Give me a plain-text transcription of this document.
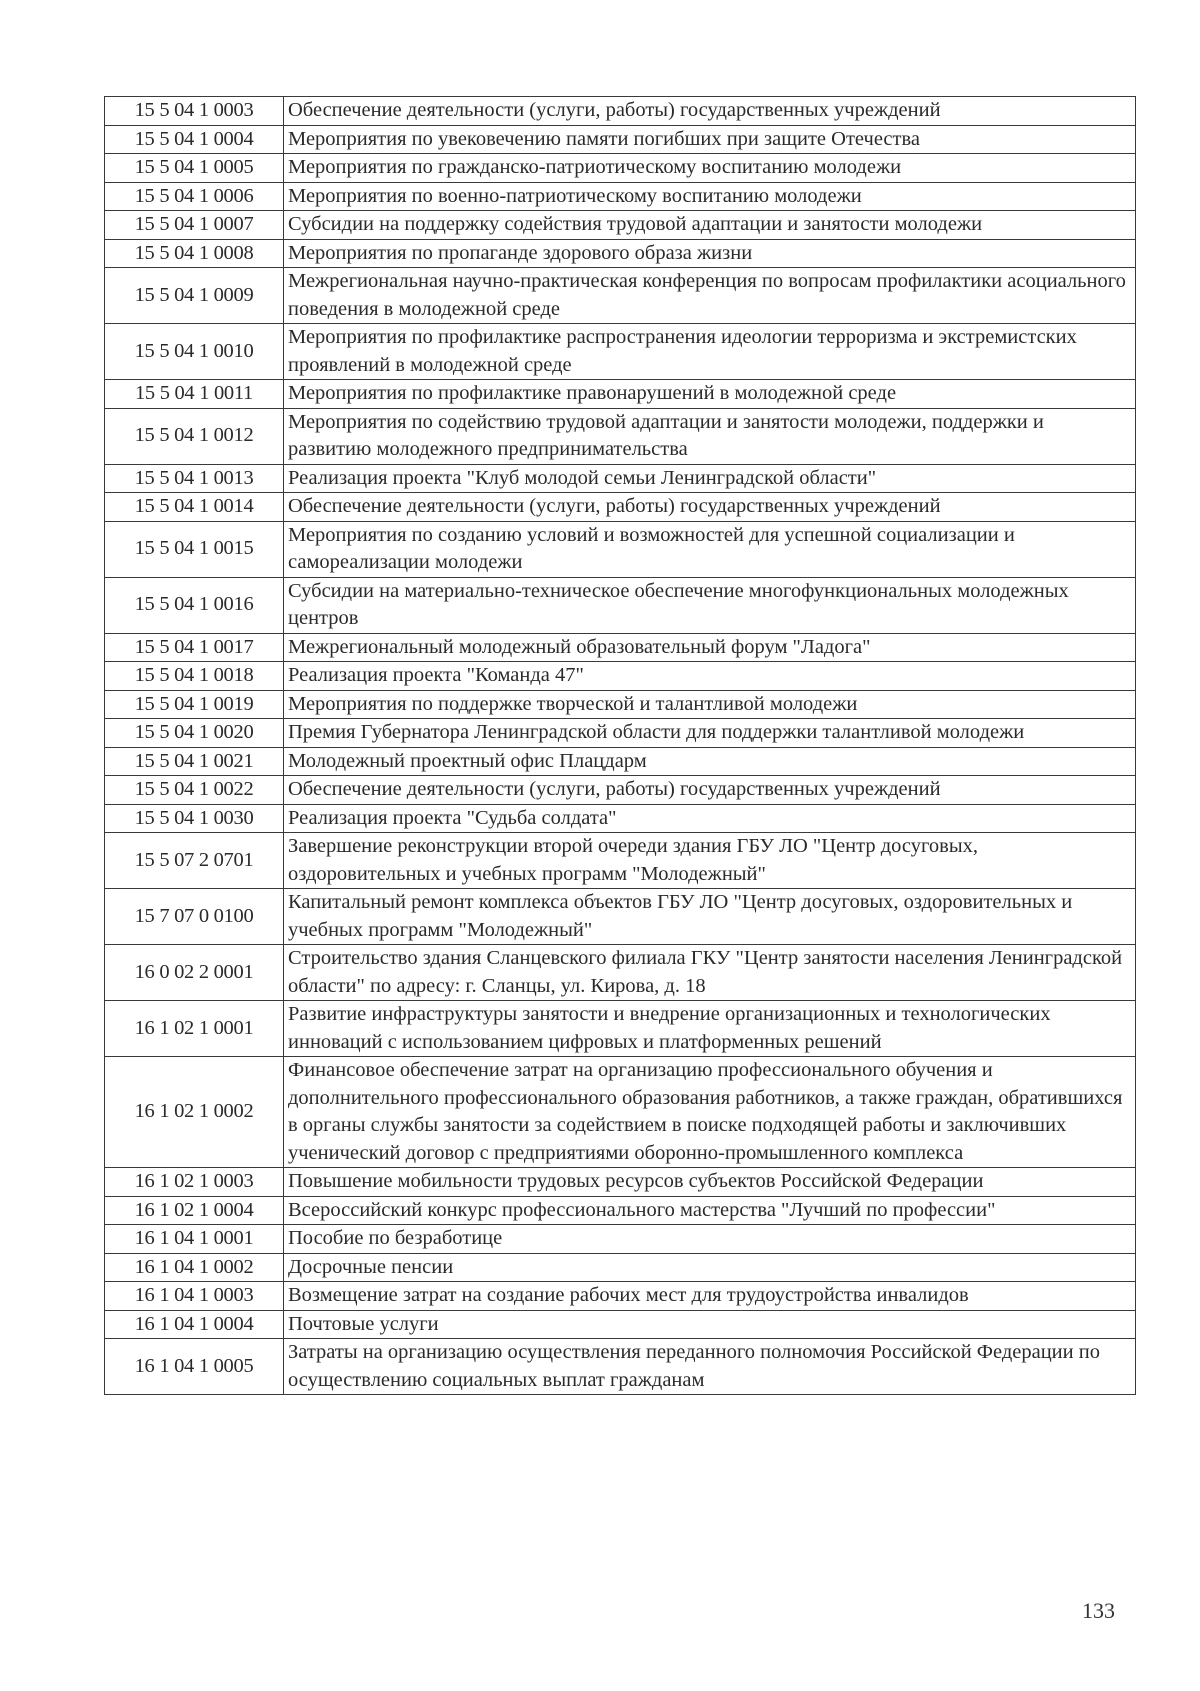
15 5 04 1 0003	Обеспечение деятельности (услуги, работы) государственных учреждений
15 5 04 1 0004	Мероприятия по увековечению памяти погибших при защите Отечества
15 5 04 1 0005	Мероприятия по гражданско-патриотическому воспитанию молодежи
15 5 04 1 0006	Мероприятия по военно-патриотическому воспитанию молодежи
15 5 04 1 0007	Субсидии на поддержку содействия трудовой адаптации и занятости молодежи
15 5 04 1 0008	Мероприятия по пропаганде здорового образа жизни
15 5 04 1 0009	Межрегиональная научно-практическая конференция по вопросам профилактики асоциального поведения в молодежной среде
15 5 04 1 0010	Мероприятия по профилактике распространения идеологии терроризма и экстремистских проявлений в молодежной среде
15 5 04 1 0011	Мероприятия по профилактике правонарушений в молодежной среде
15 5 04 1 0012	Мероприятия по содействию трудовой адаптации и занятости молодежи, поддержки и развитию молодежного предпринимательства
15 5 04 1 0013	Реализация проекта "Клуб молодой семьи Ленинградской области"
15 5 04 1 0014	Обеспечение деятельности (услуги, работы) государственных учреждений
15 5 04 1 0015	Мероприятия по созданию условий и возможностей для успешной социализации и самореализации молодежи
15 5 04 1 0016	Субсидии на материально-техническое обеспечение многофункциональных молодежных центров
15 5 04 1 0017	Межрегиональный молодежный образовательный форум "Ладога"
15 5 04 1 0018	Реализация проекта "Команда 47"
15 5 04 1 0019	Мероприятия по поддержке творческой и талантливой молодежи
15 5 04 1 0020	Премия Губернатора Ленинградской области для поддержки талантливой молодежи
15 5 04 1 0021	Молодежный проектный офис Плацдарм
15 5 04 1 0022	Обеспечение деятельности (услуги, работы) государственных учреждений
15 5 04 1 0030	Реализация проекта "Судьба солдата"
15 5 07 2 0701	Завершение реконструкции второй очереди здания ГБУ ЛО "Центр досуговых, оздоровительных и учебных программ "Молодежный"
15 7 07 0 0100	Капитальный ремонт комплекса объектов ГБУ ЛО "Центр досуговых, оздоровительных и учебных программ "Молодежный"
16 0 02 2 0001	Строительство здания Сланцевского филиала ГКУ "Центр занятости населения Ленинградской области" по адресу: г. Сланцы, ул. Кирова, д. 18
16 1 02 1 0001	Развитие инфраструктуры занятости и внедрение организационных и технологических инноваций с использованием цифровых и платформенных решений
16 1 02 1 0002	Финансовое обеспечение затрат на организацию профессионального обучения и дополнительного профессионального образования работников, а также граждан, обратившихся в органы службы занятости за содействием в поиске подходящей работы и заключивших ученический договор с предприятиями оборонно-промышленного комплекса
16 1 02 1 0003	Повышение мобильности трудовых ресурсов субъектов Российской Федерации
16 1 02 1 0004	Всероссийский конкурс профессионального мастерства "Лучший по профессии"
16 1 04 1 0001	Пособие по безработице
16 1 04 1 0002	Досрочные пенсии
16 1 04 1 0003	Возмещение затрат на создание рабочих мест для трудоустройства инвалидов
16 1 04 1 0004	Почтовые услуги
16 1 04 1 0005	Затраты на организацию осуществления переданного полномочия Российской Федерации по осуществлению социальных выплат гражданам
133
